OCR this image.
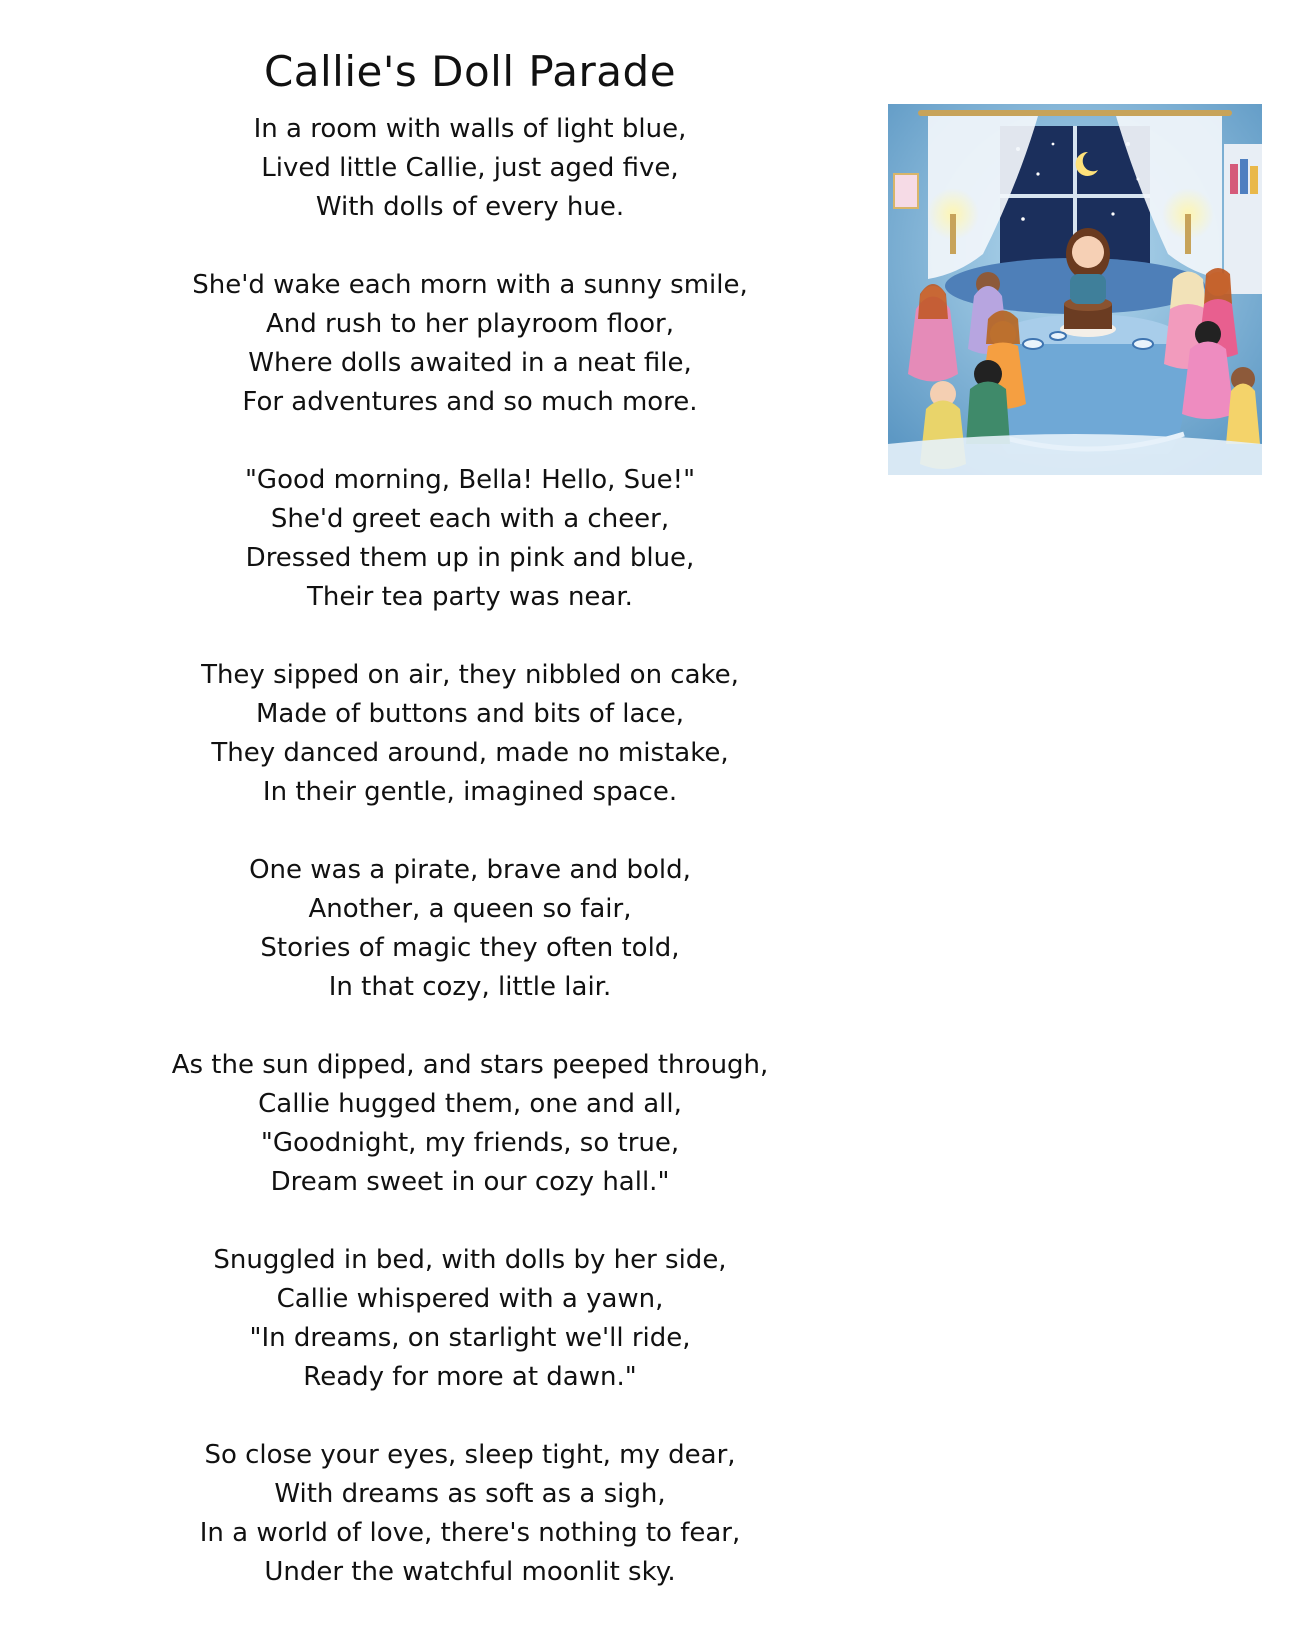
Callie's Doll Parade
In a room with walls of light blue,
Lived little Callie, just aged five,
With dolls of every hue.
She'd wake each morn with a sunny smile,
And rush to her playroom floor,
Where dolls awaited in a neat file,
For adventures and so much more.
"Good morning, Bella! Hello, Sue!"
She'd greet each with a cheer,
Dressed them up in pink and blue,
Their tea party was near.
They sipped on air, they nibbled on cake,
Made of buttons and bits of lace,
They danced around, made no mistake,
In their gentle, imagined space.
One was a pirate, brave and bold,
Another, a queen so fair,
Stories of magic they often told,
In that cozy, little lair.
As the sun dipped, and stars peeped through,
Callie hugged them, one and all,
"Goodnight, my friends, so true,
Dream sweet in our cozy hall."
Snuggled in bed, with dolls by her side,
Callie whispered with a yawn,
"In dreams, on starlight we'll ride,
Ready for more at dawn."
So close your eyes, sleep tight, my dear,
With dreams as soft as a sigh,
In a world of love, there's nothing to fear,
Under the watchful moonlit sky.
